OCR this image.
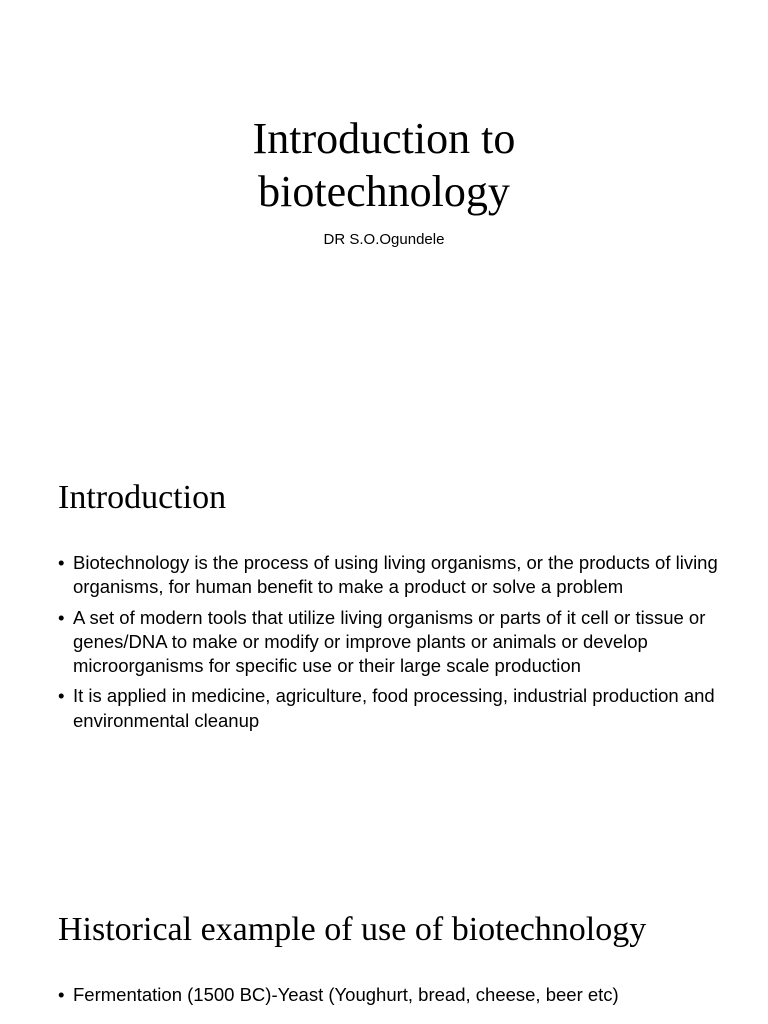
Introduction to
biotechnology

DR S.O.Ogundele

Introduction
• Biotechnology is the process of using living organisms, or the products of living organisms, for human benefit to make a product or solve a problem
• A set of modern tools that utilize living organisms or parts of it cell or tissue or genes/DNA to make or modify or improve plants or animals or develop microorganisms for specific use or their large scale production
• It is applied in medicine, agriculture, food processing, industrial production and environmental cleanup
Historical example of use of biotechnology
• Fermentation (1500 BC)-Yeast (Youghurt, bread, cheese, beer etc)
